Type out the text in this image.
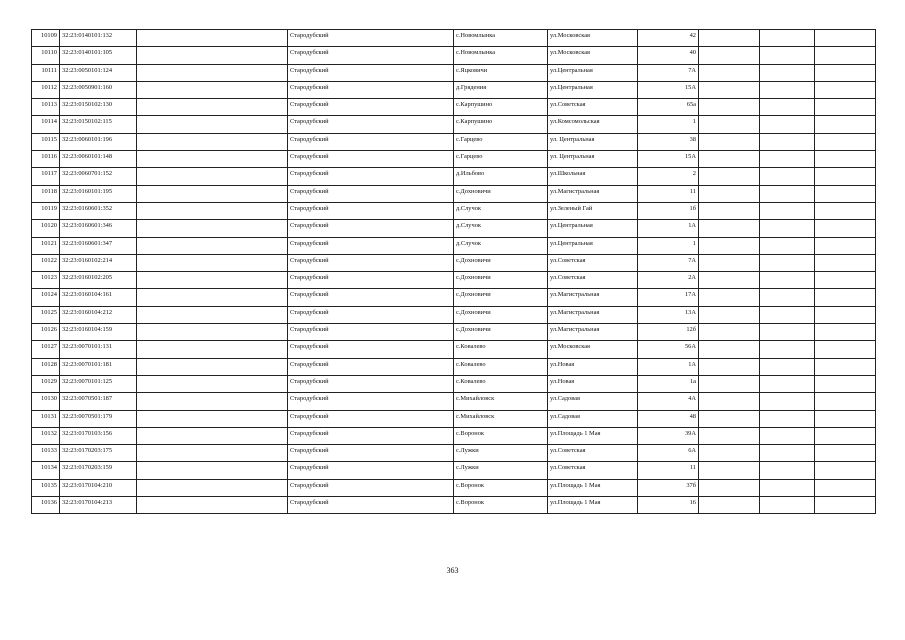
10109	32:23:0140101:132		Стародубский	с.Новомлынка	ул.Московская	42			
10110	32:23:0140101:105		Стародубский	с.Новомлынка	ул.Московская	40			
10111	32:23:0050101:124		Стародубский	с.Яцковичи	ул.Центральная	7А			
10112	32:23:0050901:160		Стародубский	д.Грядения	ул.Центральная	15А			
10113	32:23:0150102:130		Стародубский	с.Карпушино	ул.Советская	65а			
10114	32:23:0150102:115		Стародубский	с.Карпушино	ул.Комсомольская	1			
10115	32:23:0060101:196		Стародубский	с.Гарцево	ул. Центральная	38			
10116	32:23:0060101:148		Стародубский	с.Гарцево	ул. Центральная	15А			
10117	32:23:0060701:152		Стародубский	д.Ильбово	ул.Школьная	2			
10118	32:23:0160101:195		Стародубский	с.Дохновичи	ул.Магистральная	11			
10119	32:23:0160601:352		Стародубский	д.Случок	ул.Зеленый Гай	1б			
10120	32:23:0160601:346		Стародубский	д.Случок	ул.Центральная	1А			
10121	32:23:0160601:347		Стародубский	д.Случок	ул.Центральная	1			
10122	32:23:0160102:214		Стародубский	с.Дохновичи	ул.Советская	7А			
10123	32:23:0160102:205		Стародубский	с.Дохновичи	ул.Советская	2А			
10124	32:23:0160104:161		Стародубский	с.Дохновичи	ул.Магистральная	17А			
10125	32:23:0160104:212		Стародубский	с.Дохновичи	ул.Магистральная	13А			
10126	32:23:0160104:159		Стародубский	с.Дохновичи	ул.Магистральная	12б			
10127	32:23:0070101:131		Стародубский	с.Ковалево	ул.Московская	56А			
10128	32:23:0070101:181		Стародубский	с.Ковалево	ул.Новая	1А			
10129	32:23:0070101:125		Стародубский	с.Ковалево	ул.Новая	1а			
10130	32:23:0070501:187		Стародубский	с.Михайловск	ул.Садовая	4А			
10131	32:23:0070501:179		Стародубский	с.Михайловск	ул.Садовая	48			
10132	32:23:0170103:156		Стародубский	с.Воронок	ул.Площадь 1 Мая	39А			
10133	32:23:0170203:175		Стародубский	с.Лужки	ул.Советская	6А			
10134	32:23:0170203:159		Стародубский	с.Лужки	ул.Советская	11			
10135	32:23:0170104:210		Стародубский	с.Воронок	ул.Площадь 1 Мая	37б			
10136	32:23:0170104:213		Стародубский	с.Воронок	ул.Площадь 1 Мая	16			
363
